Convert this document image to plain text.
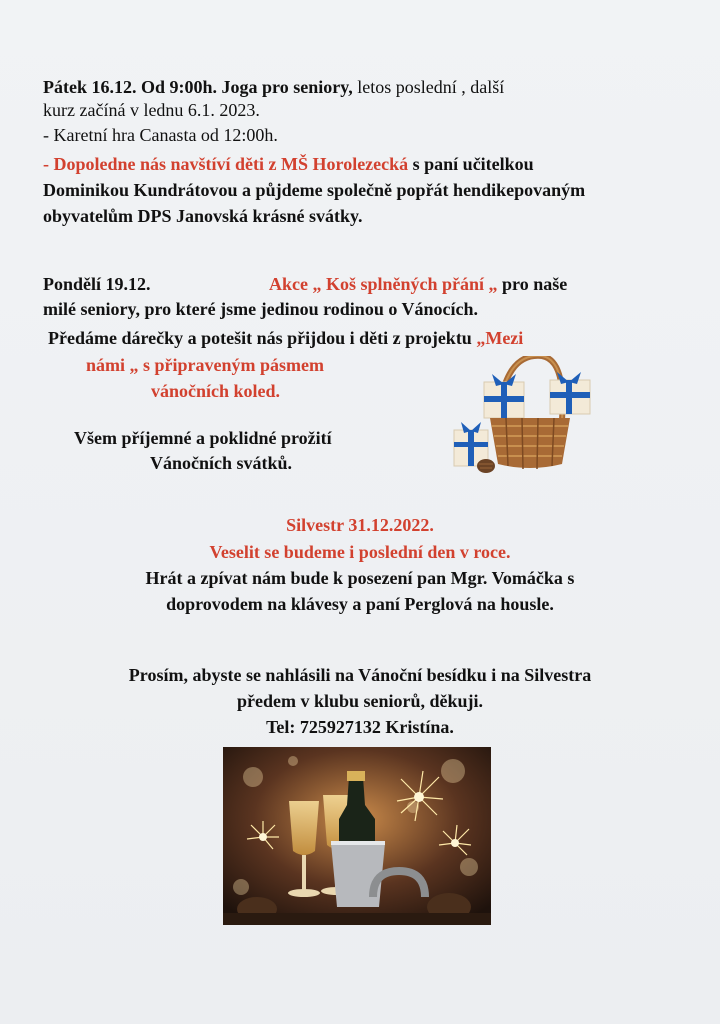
Pátek 16.12. Od 9:00h. Joga pro seniory, letos poslední , další
kurz začíná v lednu 6.1. 2023.
- Karetní hra Canasta od 12:00h.
- Dopoledne nás navštíví děti z MŠ Horolezecká s paní učitelkou
Dominikou Kundrátovou a půjdeme společně popřát hendikepovaným
obyvatelům DPS Janovská krásné svátky.
Pondělí 19.12.	Akce „ Koš splněných přání „ pro naše
milé seniory, pro které jsme jedinou rodinou o Vánocích.
Předáme dárečky a potešit nás přijdou i děti z projektu „Mezi
námi „ s připraveným pásmem
vánočních koled.
Všem příjemné a poklidné prožití
Vánočních svátků.
Silvestr 31.12.2022.
Veselit se budeme i poslední den v roce.
Hrát a zpívat nám bude k posezení pan Mgr. Vomáčka s
doprovodem na klávesy a paní Perglová na housle.
Prosím, abyste se nahlásili na Vánoční besídku i na Silvestra
předem v klubu seniorů, děkuji.
Tel: 725927132 Kristína.
